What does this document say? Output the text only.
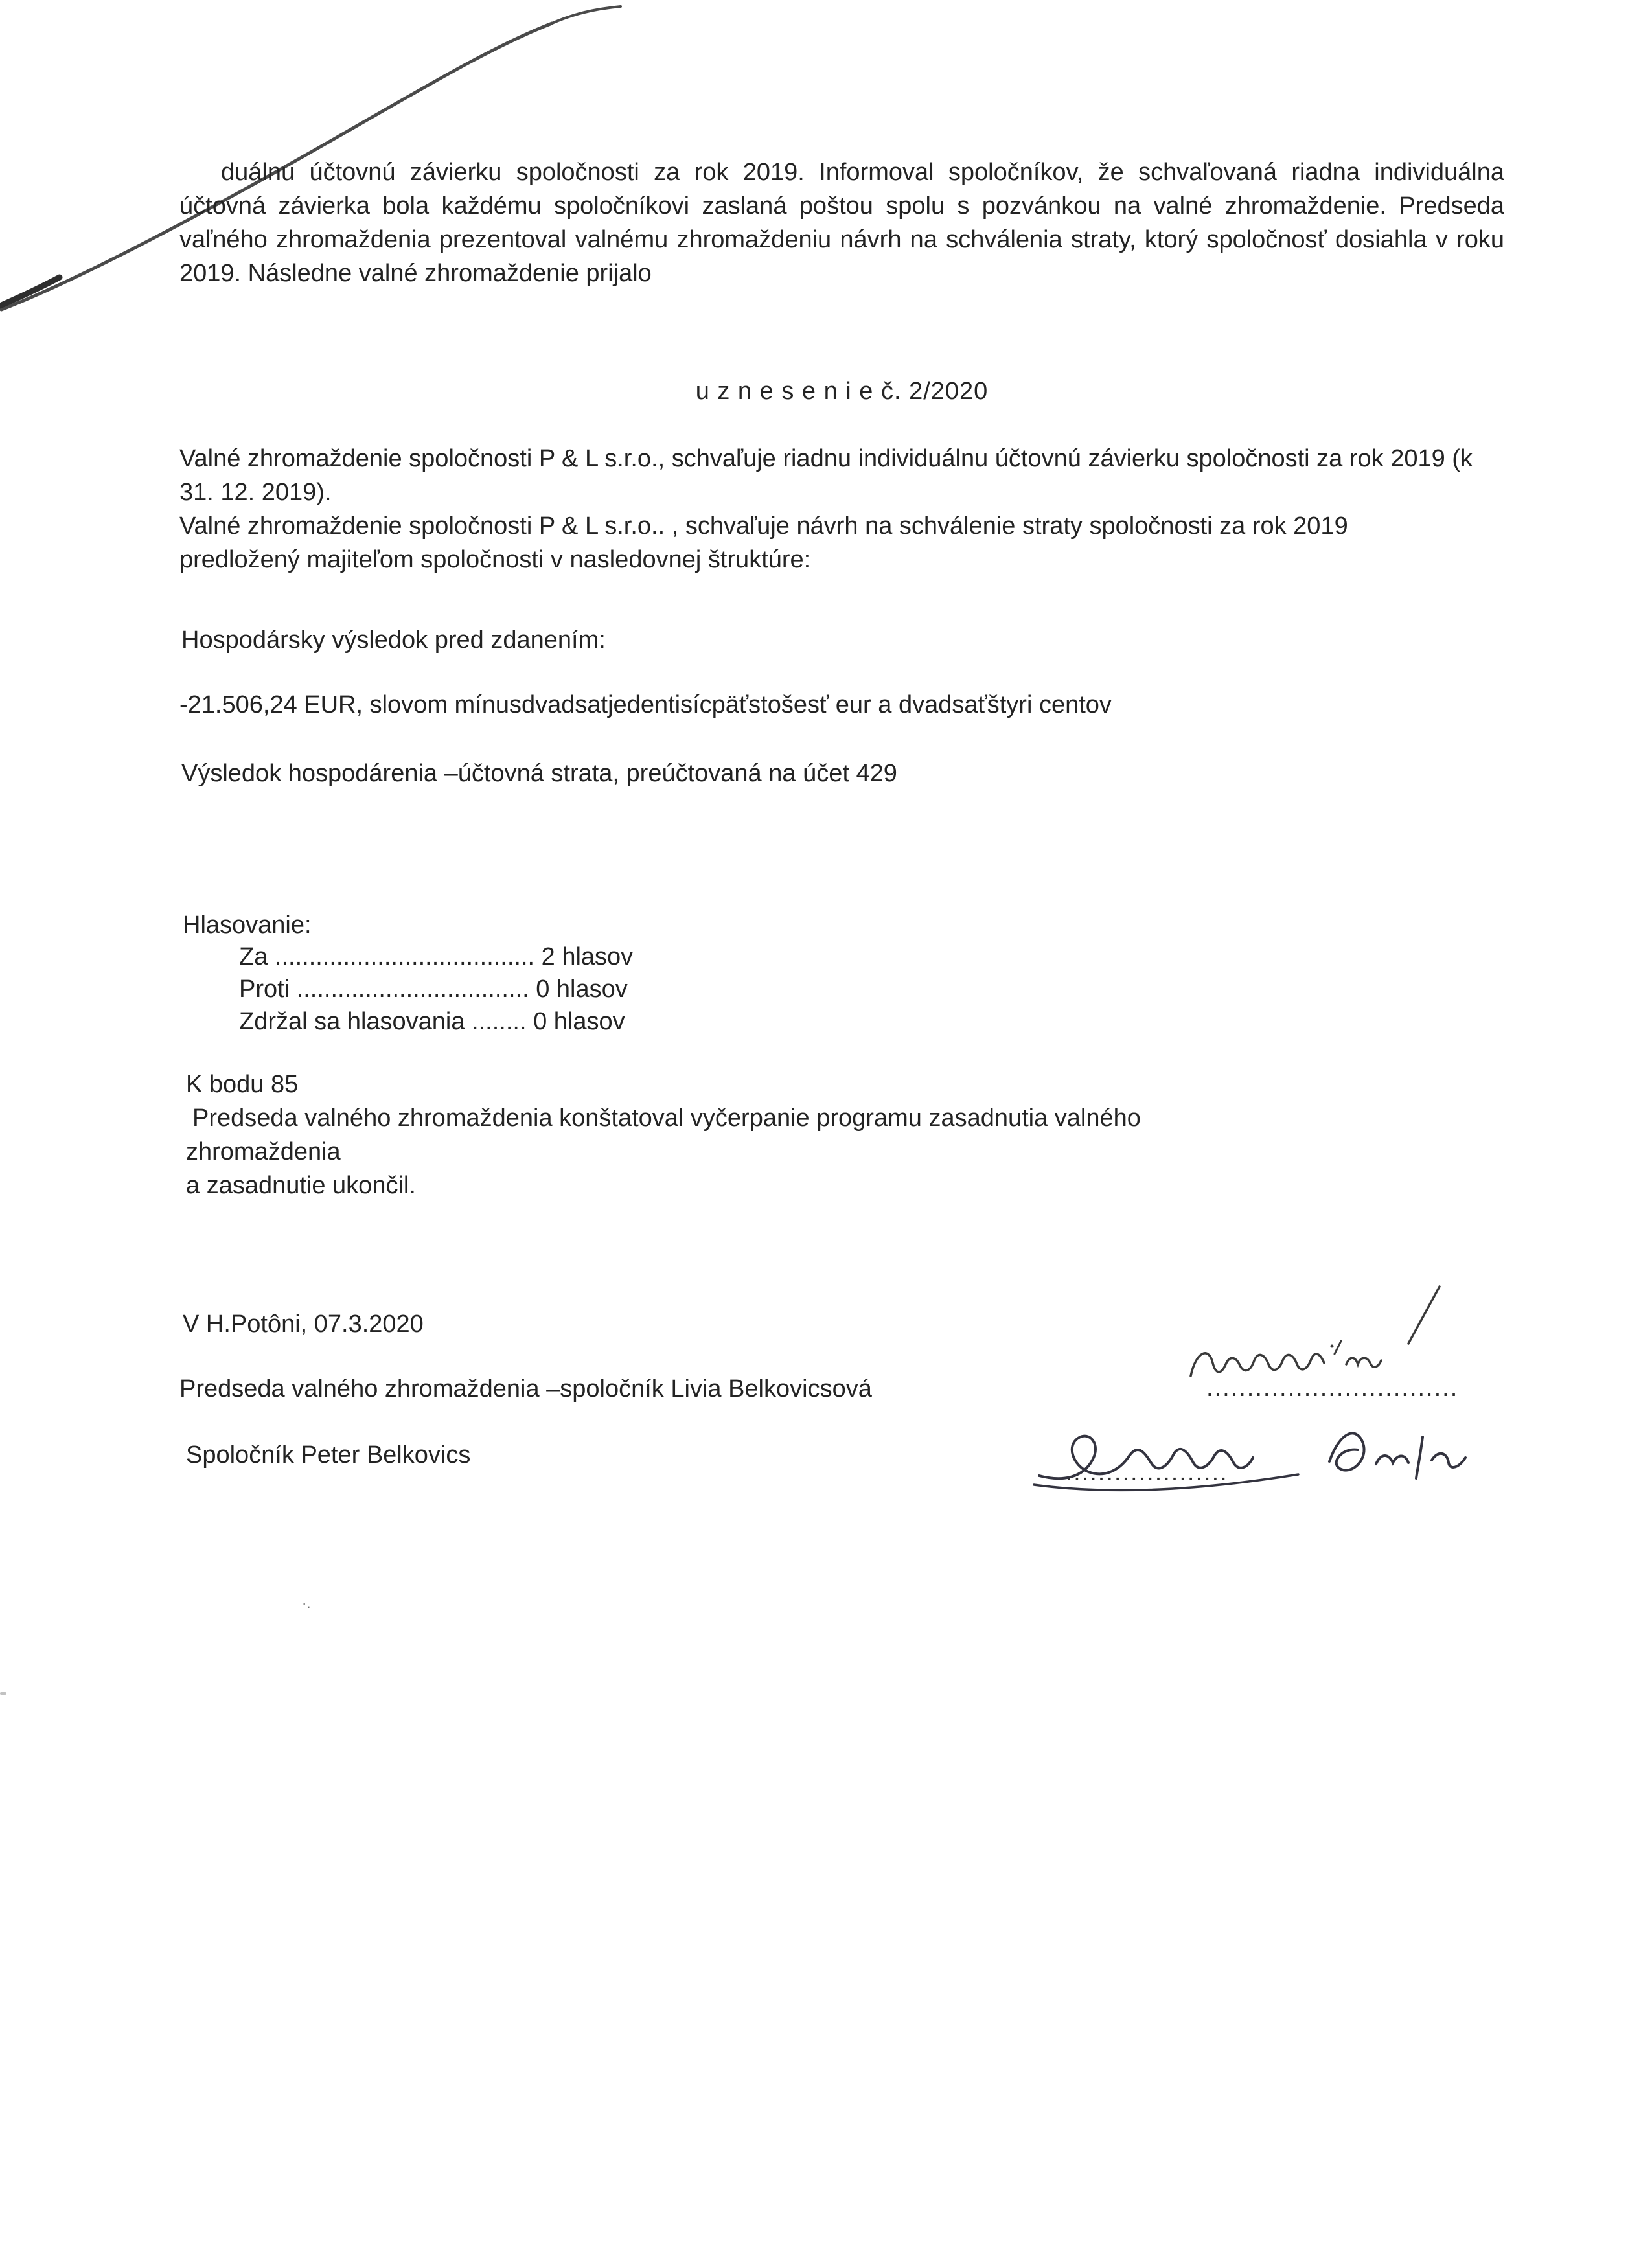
duálnu účtovnú závierku spoločnosti za rok 2019. Informoval spoločníkov, že schvaľovaná riadna individuálna účtovná závierka bola každému spoločníkovi zaslaná poštou spolu s pozvánkou na valné zhromaždenie. Predseda vaľného zhromaždenia prezentoval valnému zhromaždeniu návrh na schválenia straty, ktorý spoločnosť dosiahla v roku 2019. Následne valné zhromaždenie prijalo
u z n e s e n i e č. 2/2020

Valné zhromaždenie spoločnosti P & L s.r.o., schvaľuje riadnu individuálnu účtovnú závierku spoločnosti za rok 2019 (k 31. 12. 2019).

Valné zhromaždenie spoločnosti P & L s.r.o.. , schvaľuje návrh na schválenie straty spoločnosti za rok 2019 predložený majiteľom spoločnosti v nasledovnej štruktúre:

Hospodársky výsledok pred zdanením:
-21.506,24 EUR, slovom mínusdvadsatjedentisícpäťstošesť eur a dvadsaťštyri centov
Výsledok hospodárenia –účtovná strata, preúčtovaná na účet 429
Hlasovanie:
Za ...................................... 2 hlasov
Proti .................................. 0 hlasov
Zdržal sa hlasovania ........ 0 hlasov
K bodu 85
Predseda valného zhromaždenia konštatoval vyčerpanie programu zasadnutia valného
zhromaždenia
a zasadnutie ukončil.
V H.Potôni, 07.3.2020
Predseda valného zhromaždenia –spoločník Livia Belkovicsová	...............................
Spoločník Peter Belkovics
.....................
·.
